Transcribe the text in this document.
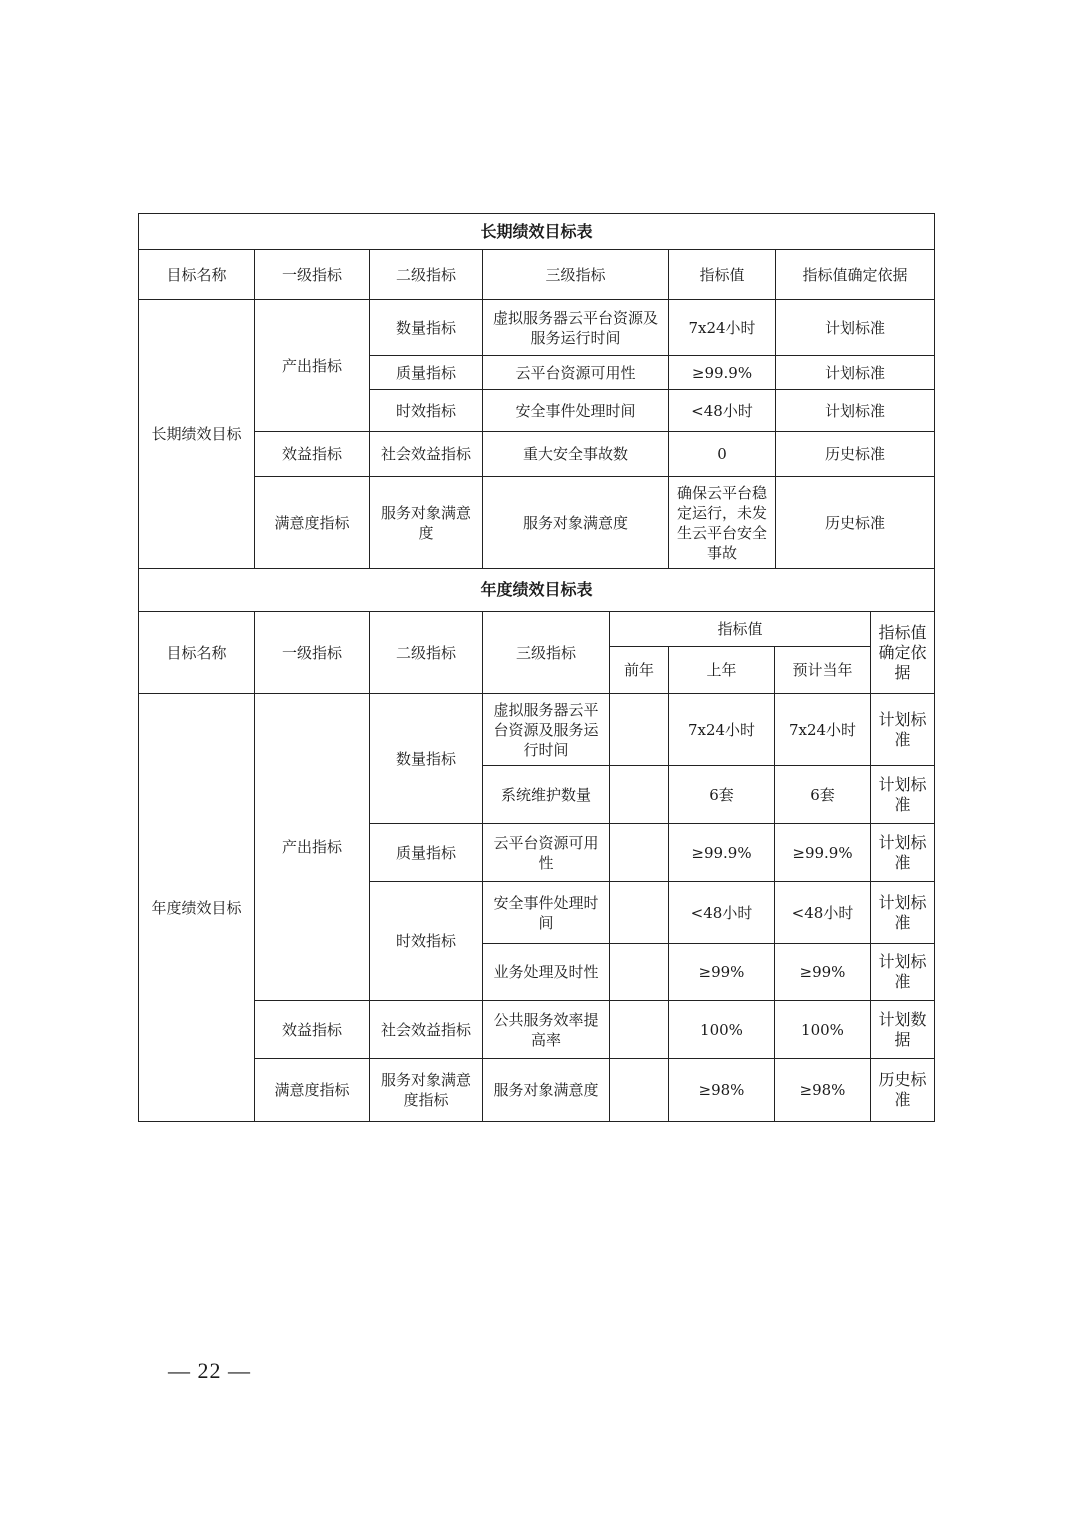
长期绩效目标表					
目标名称	一级指标	二级指标	三级指标	指标值	指标值确定依据
长期绩效目标	产出指标	数量指标	虚拟服务器云平台资源及服务运行时间	7x24小时	计划标准
		质量指标	云平台资源可用性	≥99.9%	计划标准
		时效指标	安全事件处理时间	<48小时	计划标准
	效益指标	社会效益指标	重大安全事故数	0	历史标准
	满意度指标	服务对象满意度	服务对象满意度	确保云平台稳定运行，未发生云平台安全事故	历史标准
年度绩效目标表							
目标名称	一级指标	二级指标	三级指标	指标值			指标值确定依据
				前年	上年	预计当年	
年度绩效目标	产出指标	数量指标	虚拟服务器云平台资源及服务运行时间		7x24小时	7x24小时	计划标准
			系统维护数量		6套	6套	计划标准
		质量指标	云平台资源可用性		≥99.9%	≥99.9%	计划标准
		时效指标	安全事件处理时间		<48小时	<48小时	计划标准
			业务处理及时性		≥99%	≥99%	计划标准
	效益指标	社会效益指标	公共服务效率提高率		100%	100%	计划数据
	满意度指标	服务对象满意度指标	服务对象满意度		≥98%	≥98%	历史标准
— 22 —
